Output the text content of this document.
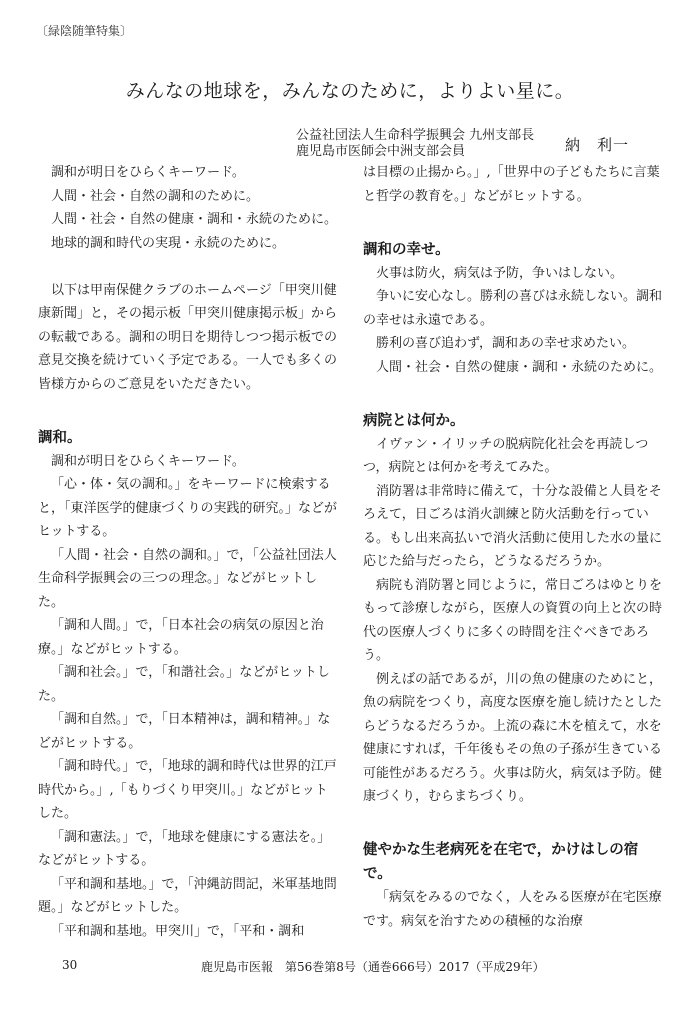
〔緑陰随筆特集〕
みんなの地球を，みんなのために，よりよい星に。
公益社団法人生命科学振興会 九州支部長
鹿児島市医師会中洲支部会員	納　利一

調和が明日をひらくキーワード。

人間・社会・自然の調和のために。

人間・社会・自然の健康・調和・永続のために。

地球的調和時代の実現・永続のために。

以下は甲南保健クラブのホームページ「甲突川健康新聞」と，その掲示板「甲突川健康掲示板」からの転載である。調和の明日を期待しつつ掲示板での意見交換を続けていく予定である。一人でも多くの皆様方からのご意見をいただきたい。

調和。

調和が明日をひらくキーワード。

「心・体・気の調和。」をキーワードに検索すると，「東洋医学的健康づくりの実践的研究。」などがヒットする。

「人間・社会・自然の調和。」で，「公益社団法人生命科学振興会の三つの理念。」などがヒットした。

「調和人間。」で，「日本社会の病気の原因と治療。」などがヒットする。

「調和社会。」で，「和諧社会。」などがヒットした。

「調和自然。」で，「日本精神は，調和精神。」などがヒットする。

「調和時代。」で，「地球的調和時代は世界的江戸時代から。」,「もりづくり甲突川。」などがヒットした。

「調和憲法。」で，「地球を健康にする憲法を。」などがヒットする。

「平和調和基地。」で，「沖縄訪問記，米軍基地問題。」などがヒットした。

「平和調和基地。甲突川」で，「平和・調和

は目標の止揚から。」,「世界中の子どもたちに言葉と哲学の教育を。」などがヒットする。

調和の幸せ。

火事は防火，病気は予防，争いはしない。

争いに安心なし。勝利の喜びは永続しない。調和の幸せは永遠である。

勝利の喜び追わず，調和あの幸せ求めたい。

人間・社会・自然の健康・調和・永続のために。

病院とは何か。

イヴァン・イリッチの脱病院化社会を再読しつつ，病院とは何かを考えてみた。

消防署は非常時に備えて，十分な設備と人員をそろえて，日ごろは消火訓練と防火活動を行っている。もし出来高払いで消火活動に使用した水の量に応じた給与だったら，どうなるだろうか。

病院も消防署と同じように，常日ごろはゆとりをもって診療しながら，医療人の資質の向上と次の時代の医療人づくりに多くの時間を注ぐべきであろう。

例えばの話であるが，川の魚の健康のためにと，魚の病院をつくり，高度な医療を施し続けたとしたらどうなるだろうか。上流の森に木を植えて，水を健康にすれば，千年後もその魚の子孫が生きている可能性があるだろう。火事は防火，病気は予防。健康づくり，むらまちづくり。

健やかな生老病死を在宅で，かけはしの宿で。

「病気をみるのでなく，人をみる医療が在宅医療です。病気を治すための積極的な治療

30	鹿児島市医報　第56巻第8号（通巻666号）2017（平成29年）
